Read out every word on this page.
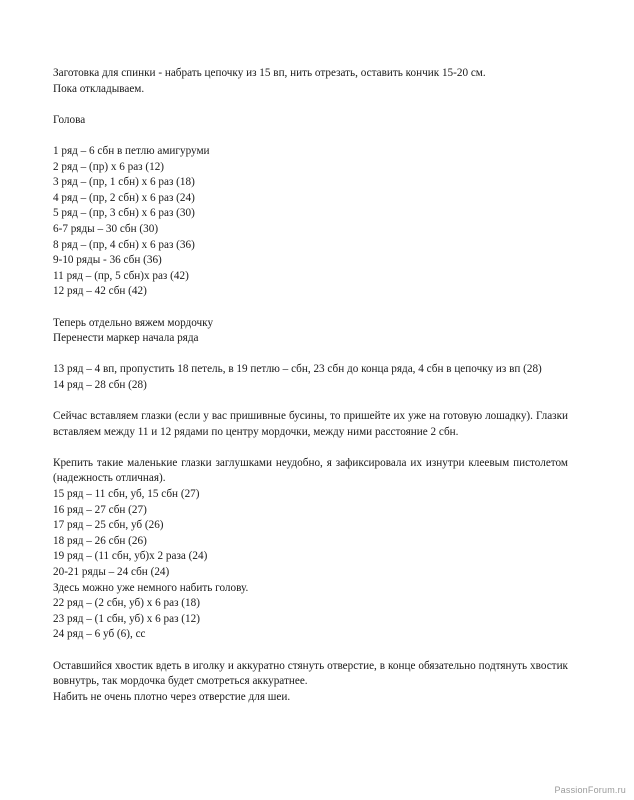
Заготовка для спинки - набрать цепочку из 15 вп, нить отрезать, оставить кончик 15-20 см.

Пока откладываем.

Голова

1 ряд – 6 сбн в петлю амигуруми

2 ряд – (пр) х 6 раз (12)

3 ряд – (пр, 1 сбн) х 6 раз (18)

4 ряд – (пр, 2 сбн) х 6 раз (24)

5 ряд – (пр, 3 сбн) х 6 раз (30)

6-7 ряды – 30 сбн (30)

8 ряд – (пр, 4 сбн) х 6 раз (36)

9-10 ряды - 36 сбн (36)

11 ряд – (пр, 5 сбн)х раз (42)

12 ряд – 42 сбн (42)

Теперь отдельно вяжем мордочку

Перенести маркер начала ряда

13 ряд – 4 вп, пропустить 18 петель, в 19 петлю – сбн, 23 сбн до конца ряда, 4 сбн в цепочку из вп (28)

14 ряд – 28 сбн (28)

Сейчас вставляем глазки (если у вас пришивные бусины, то пришейте их уже на готовую лошадку). Глазки вставляем между 11 и 12 рядами по центру мордочки, между ними расстояние 2 сбн.

Крепить такие маленькие глазки заглушками неудобно, я зафиксировала их изнутри клеевым пистолетом (надежность отличная).

15 ряд – 11 сбн, уб, 15 сбн (27)

16 ряд – 27 сбн (27)

17 ряд – 25 сбн, уб (26)

18 ряд – 26 сбн (26)

19 ряд – (11 сбн, уб)х 2 раза (24)

20-21 ряды – 24 сбн (24)

Здесь можно уже немного набить голову.

22 ряд – (2 сбн, уб) х 6 раз (18)

23 ряд – (1 сбн, уб) х 6 раз (12)

24 ряд – 6 уб (6), сс

Оставшийся хвостик вдеть в иголку и аккуратно стянуть отверстие, в конце обязательно подтянуть хвостик вовнутрь, так мордочка будет смотреться аккуратнее.

Набить не очень плотно через отверстие для шеи.

PassionForum.ru
